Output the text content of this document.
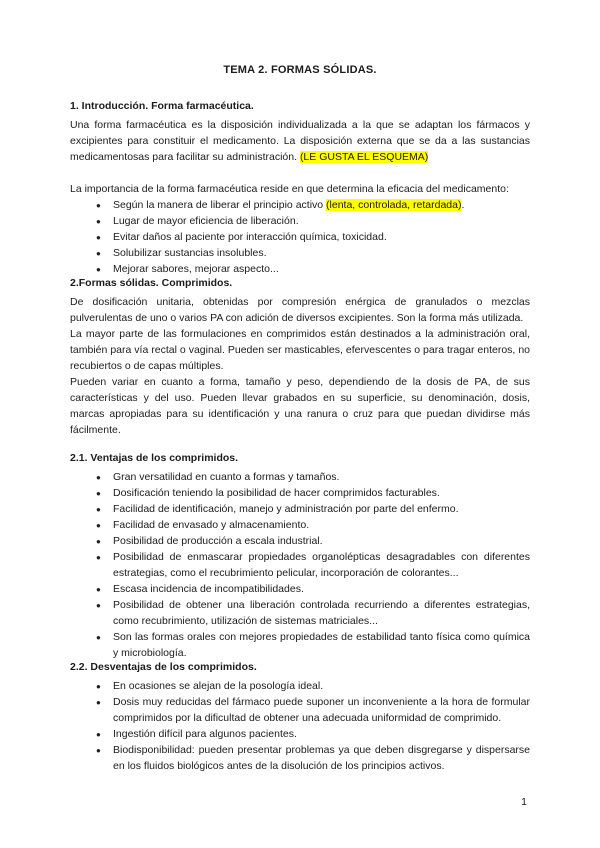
TEMA 2. FORMAS SÓLIDAS.
1. Introducción. Forma farmacéutica.

Una forma farmacéutica es la disposición individualizada a la que se adaptan los fármacos y excipientes para constituir el medicamento. La disposición externa que se da a las sustancias medicamentosas para facilitar su administración. (LE GUSTA EL ESQUEMA)

La importancia de la forma farmacéutica reside en que determina la eficacia del medicamento:

● Según la manera de liberar el principio activo (lenta, controlada, retardada).
● Lugar de mayor eficiencia de liberación.
● Evitar daños al paciente por interacción química, toxicidad.
● Solubilizar sustancias insolubles.
● Mejorar sabores, mejorar aspecto...
2.Formas sólidas. Comprimidos.

De dosificación unitaria, obtenidas por compresión enérgica de granulados o mezclas pulverulentas de uno o varios PA con adición de diversos excipientes. Son la forma más utilizada.

La mayor parte de las formulaciones en comprimidos están destinados a la administración oral, también para vía rectal o vaginal. Pueden ser masticables, efervescentes o para tragar enteros, no recubiertos o de capas múltiples.

Pueden variar en cuanto a forma, tamaño y peso, dependiendo de la dosis de PA, de sus características y del uso. Pueden llevar grabados en su superficie, su denominación, dosis, marcas apropiadas para su identificación y una ranura o cruz para que puedan dividirse más fácilmente.

2.1. Ventajas de los comprimidos.
● Gran versatilidad en cuanto a formas y tamaños.
● Dosificación teniendo la posibilidad de hacer comprimidos facturables.
● Facilidad de identificación, manejo y administración por parte del enfermo.
● Facilidad de envasado y almacenamiento.
● Posibilidad de producción a escala industrial.
● Posibilidad de enmascarar propiedades organolépticas desagradables con diferentes estrategias, como el recubrimiento pelicular, incorporación de colorantes...
● Escasa incidencia de incompatibilidades.
● Posibilidad de obtener una liberación controlada recurriendo a diferentes estrategias, como recubrimiento, utilización de sistemas matriciales...
● Son las formas orales con mejores propiedades de estabilidad tanto física como química y microbiología.
2.2. Desventajas de los comprimidos.
● En ocasiones se alejan de la posología ideal.
● Dosis muy reducidas del fármaco puede suponer un inconveniente a la hora de formular comprimidos por la dificultad de obtener una adecuada uniformidad de comprimido.
● Ingestión difícil para algunos pacientes.
● Biodisponibilidad: pueden presentar problemas ya que deben disgregarse y dispersarse en los fluidos biológicos antes de la disolución de los principios activos.
1
